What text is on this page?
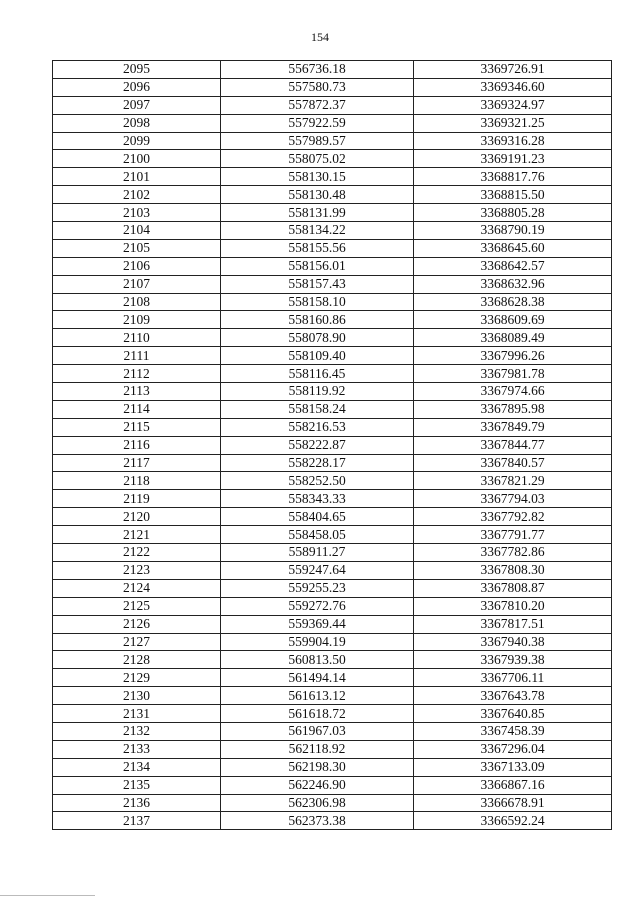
154
2095	556736.18	3369726.91
2096	557580.73	3369346.60
2097	557872.37	3369324.97
2098	557922.59	3369321.25
2099	557989.57	3369316.28
2100	558075.02	3369191.23
2101	558130.15	3368817.76
2102	558130.48	3368815.50
2103	558131.99	3368805.28
2104	558134.22	3368790.19
2105	558155.56	3368645.60
2106	558156.01	3368642.57
2107	558157.43	3368632.96
2108	558158.10	3368628.38
2109	558160.86	3368609.69
2110	558078.90	3368089.49
2111	558109.40	3367996.26
2112	558116.45	3367981.78
2113	558119.92	3367974.66
2114	558158.24	3367895.98
2115	558216.53	3367849.79
2116	558222.87	3367844.77
2117	558228.17	3367840.57
2118	558252.50	3367821.29
2119	558343.33	3367794.03
2120	558404.65	3367792.82
2121	558458.05	3367791.77
2122	558911.27	3367782.86
2123	559247.64	3367808.30
2124	559255.23	3367808.87
2125	559272.76	3367810.20
2126	559369.44	3367817.51
2127	559904.19	3367940.38
2128	560813.50	3367939.38
2129	561494.14	3367706.11
2130	561613.12	3367643.78
2131	561618.72	3367640.85
2132	561967.03	3367458.39
2133	562118.92	3367296.04
2134	562198.30	3367133.09
2135	562246.90	3366867.16
2136	562306.98	3366678.91
2137	562373.38	3366592.24
